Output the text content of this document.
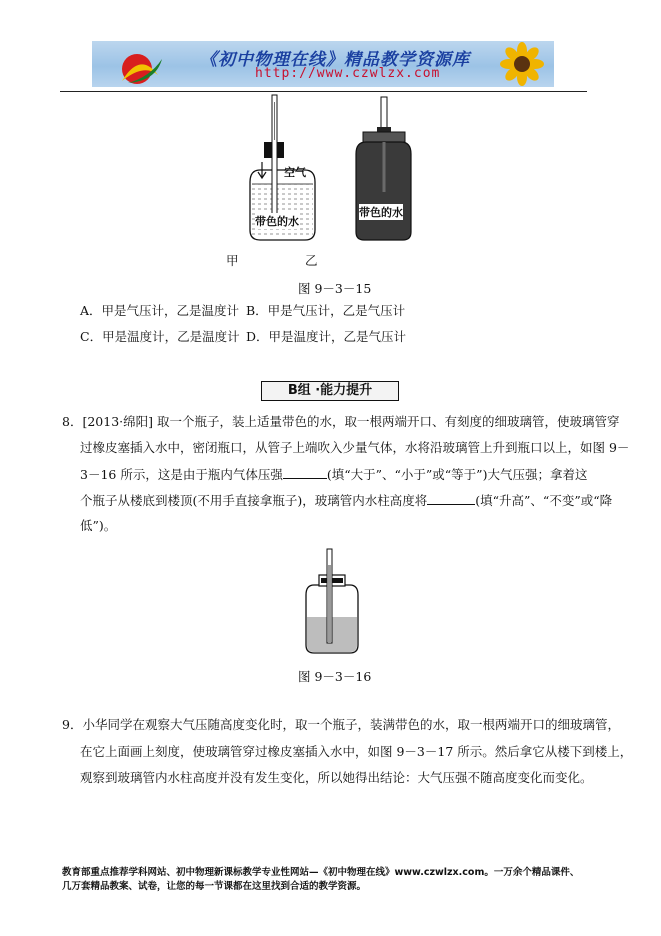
《初中物理在线》精品教学资源库
http://www.czwlzx.com
空气
带色的水
带色的水
甲	乙
图 9－3－15
A．甲是气压计，乙是温度计 B．甲是气压计，乙是气压计
C．甲是温度计，乙是温度计 D．甲是温度计，乙是气压计
B组 ·能力提升
8．[2013·绵阳] 取一个瓶子，装上适量带色的水，取一根两端开口、有刻度的细玻璃管，使玻璃管穿
过橡皮塞插入水中，密闭瓶口，从管子上端吹入少量气体，水将沿玻璃管上升到瓶口以上，如图 9－
3－16 所示，这是由于瓶内气体压强	(填“大于”、“小于”或“等于”)大气压强；拿着这
个瓶子从楼底到楼顶(不用手直接拿瓶子)，玻璃管内水柱高度将	(填“升高”、“不变”或“降
低”)。
图 9－3－16
9．小华同学在观察大气压随高度变化时，取一个瓶子，装满带色的水，取一根两端开口的细玻璃管，
在它上面画上刻度，使玻璃管穿过橡皮塞插入水中，如图 9－3－17 所示。然后拿它从楼下到楼上，
观察到玻璃管内水柱高度并没有发生变化，所以她得出结论：大气压强不随高度变化而变化。
教育部重点推荐学科网站、初中物理新课标教学专业性网站—《初中物理在线》www.czwlzx.com。一万余个精品课件、
几万套精品教案、试卷，让您的每一节课都在这里找到合适的教学资源。
